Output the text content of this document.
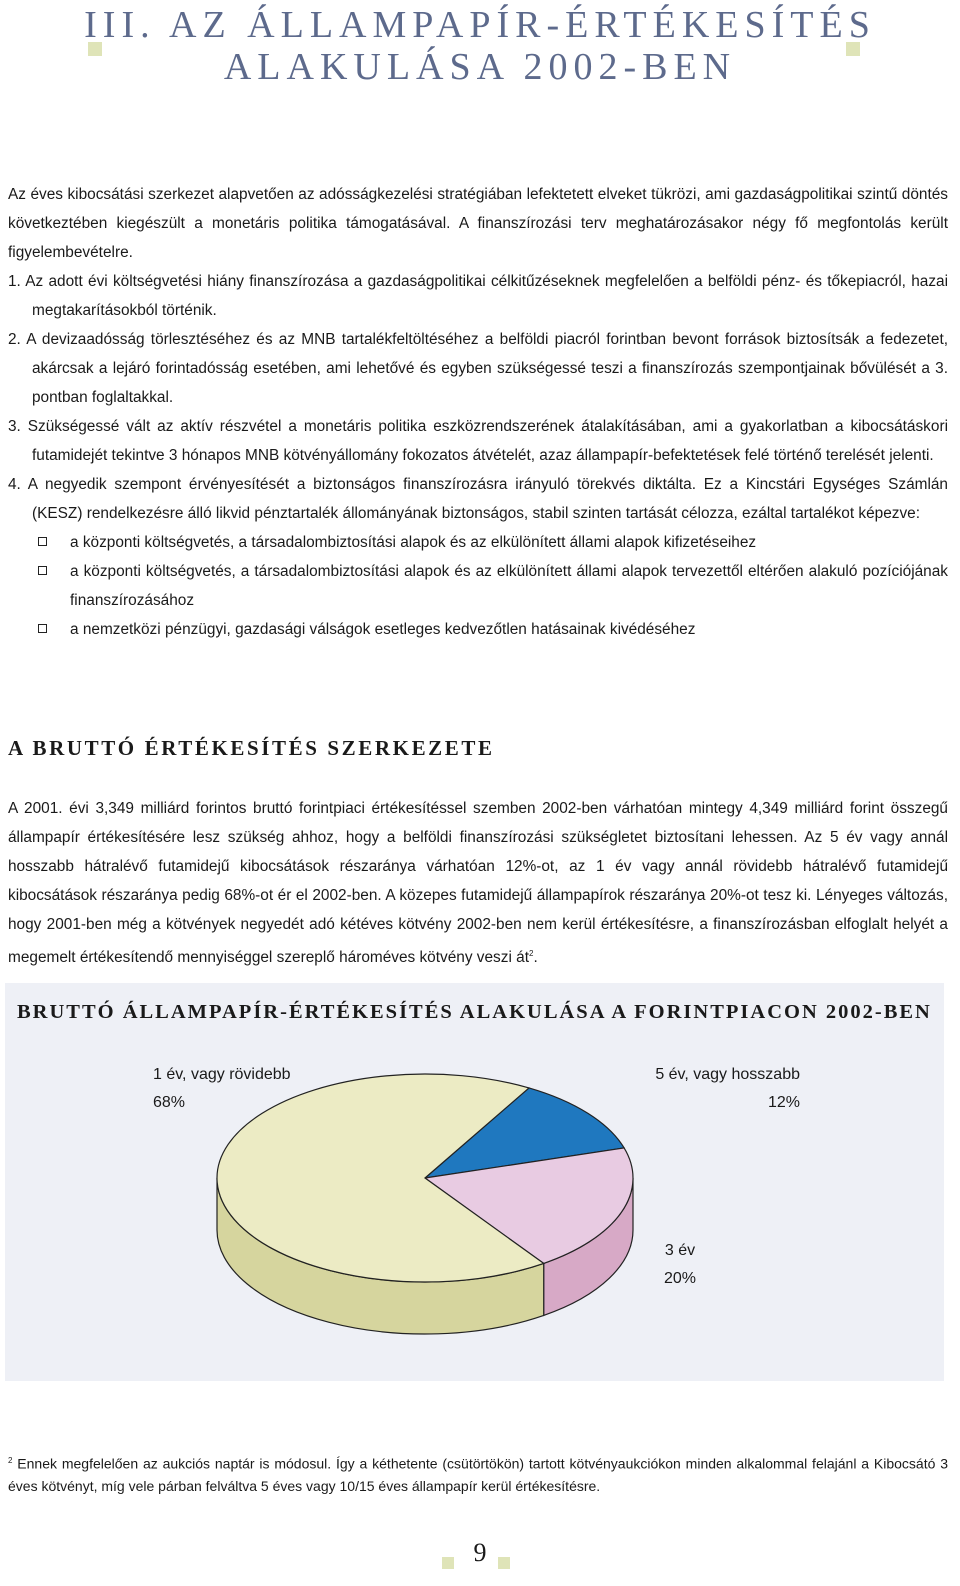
III. AZ ÁLLAMPAPÍR-ÉRTÉKESÍTÉS
ALAKULÁSA 2002-BEN

Az éves kibocsátási szerkezet alapvetően az adósságkezelési stratégiában lefektetett elveket tükrözi, ami gazdaságpolitikai szintű döntés következtében kiegészült a monetáris politika támogatásával. A finanszírozási terv meghatározásakor négy fő megfontolás került figyelembevételre.

1. Az adott évi költségvetési hiány finanszírozása a gazdaságpolitikai célkitűzéseknek megfelelően a belföldi pénz- és tőkepiacról, hazai megtakarításokból történik.

2. A devizaadósság törlesztéséhez és az MNB tartalékfeltöltéséhez a belföldi piacról forintban bevont források biztosítsák a fedezetet, akárcsak a lejáró forintadósság esetében, ami lehetővé és egyben szükségessé teszi a finanszírozás szempontjainak bővülését a 3. pontban foglaltakkal.

3. Szükségessé vált az aktív részvétel a monetáris politika eszközrendszerének átalakításában, ami a gyakorlatban a kibocsátáskori futamidejét tekintve 3 hónapos MNB kötvényállomány fokozatos átvételét, azaz állampapír-befektetések felé történő terelését jelenti.

4. A negyedik szempont érvényesítését a biztonságos finanszírozásra irányuló törekvés diktálta. Ez a Kincstári Egységes Számlán (KESZ) rendelkezésre álló likvid pénztartalék állományának biztonságos, stabil szinten tartását célozza, ezáltal tartalékot képezve:

a központi költségvetés, a társadalombiztosítási alapok és az elkülönített állami alapok kifizetéseihez
a központi költségvetés, a társadalombiztosítási alapok és az elkülönített állami alapok tervezettől eltérően alakuló pozíciójának finanszírozásához
a nemzetközi pénzügyi, gazdasági válságok esetleges kedvezőtlen hatásainak kivédéséhez
A BRUTTÓ ÉRTÉKESÍTÉS SZERKEZETE

A 2001. évi 3,349 milliárd forintos bruttó forintpiaci értékesítéssel szemben 2002-ben várhatóan mintegy 4,349 milliárd forint összegű állampapír értékesítésére lesz szükség ahhoz, hogy a belföldi finanszírozási szükségletet biztosítani lehessen. Az 5 év vagy annál hosszabb hátralévő futamidejű kibocsátások részaránya várhatóan 12%-ot, az 1 év vagy annál rövidebb hátralévő futamidejű kibocsátások részaránya pedig 68%-ot ér el 2002-ben. A közepes futamidejű állampapírok részaránya 20%-ot tesz ki. Lényeges változás, hogy 2001-ben még a kötvények negyedét adó kétéves kötvény 2002-ben nem kerül értékesítésre, a finanszírozásban elfoglalt helyét a megemelt értékesítendő mennyiséggel szereplő hároméves kötvény veszi $át^2$.

BRUTTÓ ÁLLAMPAPÍR-ÉRTÉKESÍTÉS ALAKULÁSA A FORINTPIACON 2002-BEN
1 év, vagy rövidebb
68%
5 év, vagy hosszabb
12%
3 év
20%

$^2$ Ennek megfelelően az aukciós naptár is módosul. Így a kéthetente (csütörtökön) tartott kötvényaukciókon minden alkalommal felajánl a Kibocsátó 3 éves kötvényt, míg vele párban felváltva 5 éves vagy 10/15 éves állampapír kerül értékesítésre.

9
